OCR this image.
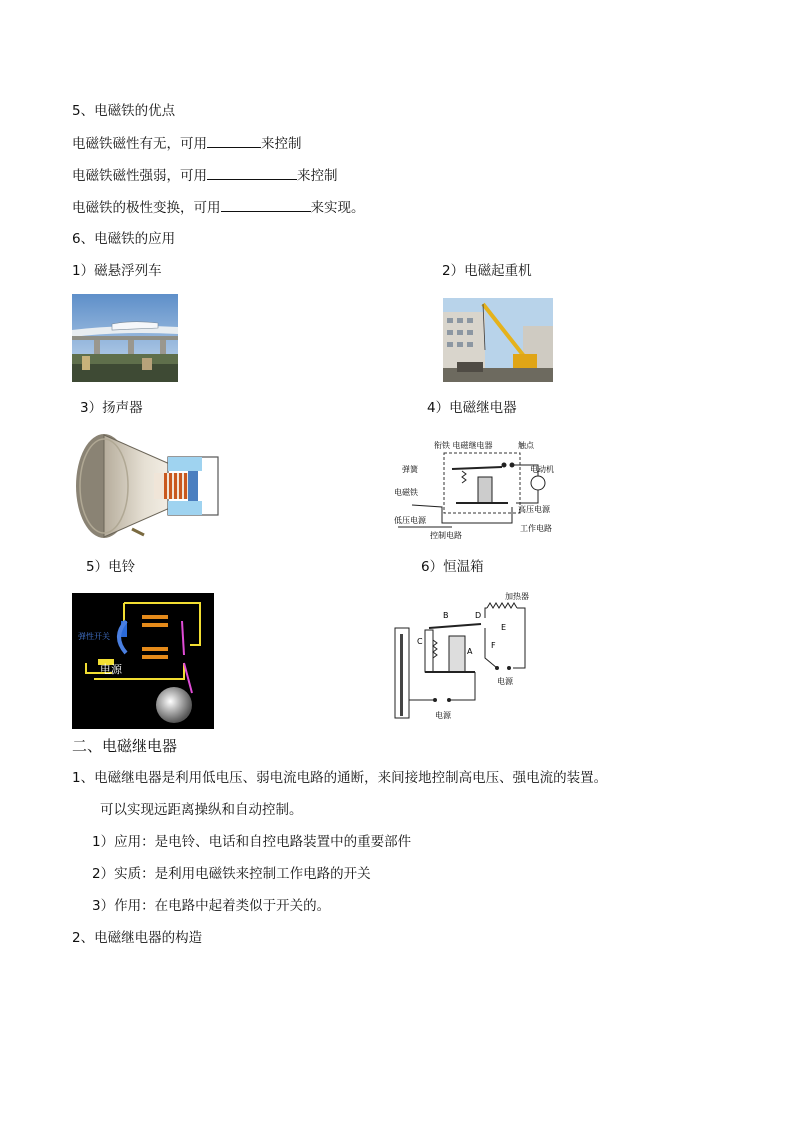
5、电磁铁的优点
电磁铁磁性有无，可用	来控制
电磁铁磁性强弱，可用	来控制
电磁铁的极性变换，可用	来实现。
6、电磁铁的应用
1）磁悬浮列车	2）电磁起重机
3）扬声器	4）电磁继电器
衔铁 电磁继电器	触点
弹簧
电磁铁
电动机
高压电源
低压电源
工作电路
控制电路
5）电铃	6）恒温箱
弹性开关
电源
加热器
B
C
D
E
F
A
电源
电源
二、电磁继电器
1、电磁继电器是利用低电压、弱电流电路的通断，来间接地控制高电压、强电流的装置。
可以实现远距离操纵和自动控制。
1）应用：是电铃、电话和自控电路装置中的重要部件
2）实质：是利用电磁铁来控制工作电路的开关
3）作用：在电路中起着类似于开关的。
2、电磁继电器的构造
